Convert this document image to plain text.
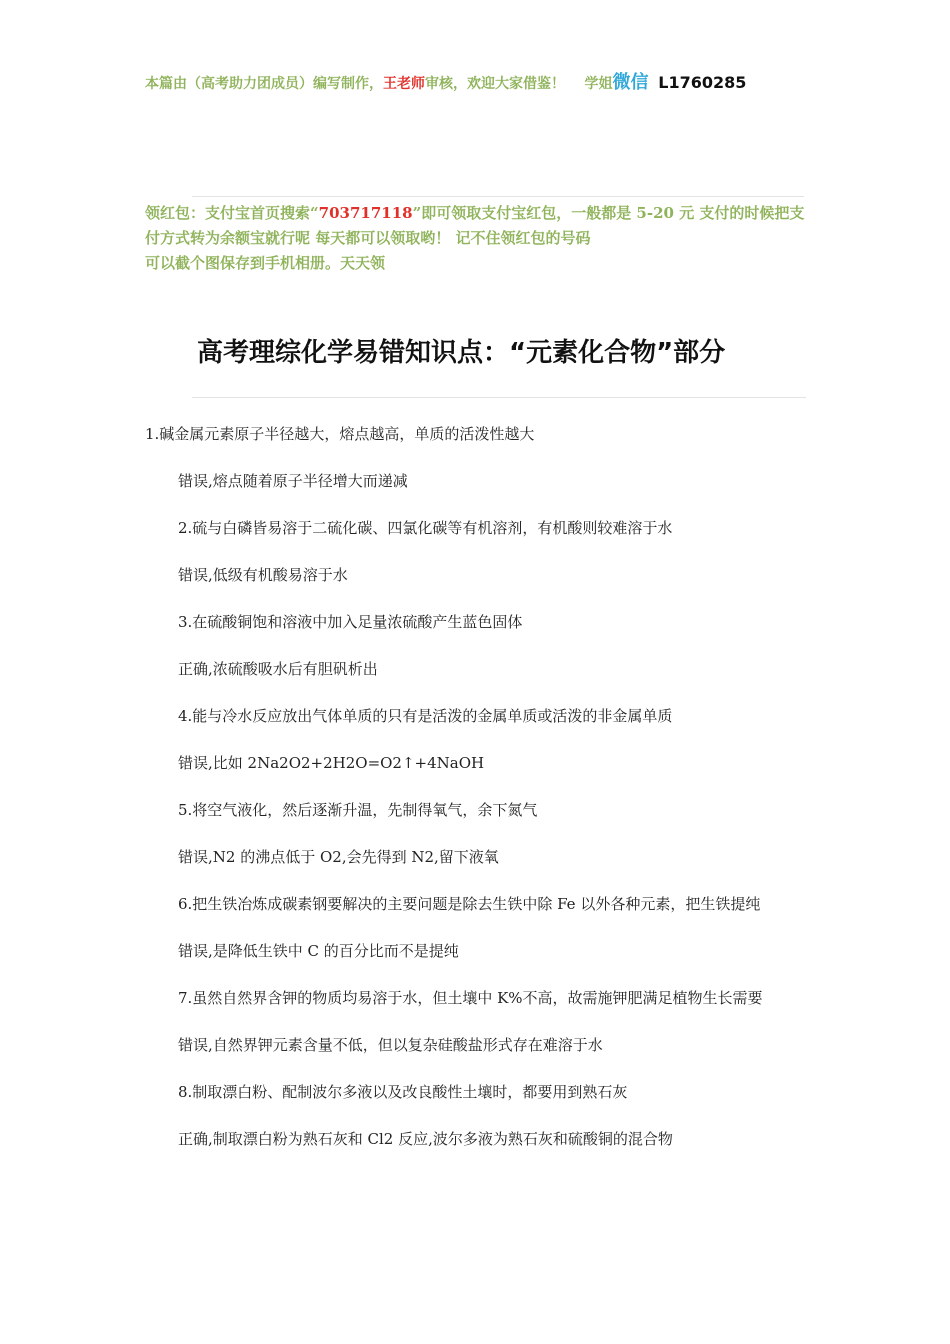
本篇由（高考助力团成员）编写制作，王老师审核，欢迎大家借鉴！ 学姐微信 L1760285
领红包：支付宝首页搜索“703717118”即可领取支付宝红包，一般都是 5-20 元 支付的时候把支付方式转为余额宝就行呢 每天都可以领取哟！ 记不住领红包的号码
可以截个图保存到手机相册。天天领
高考理综化学易错知识点：“元素化合物”部分

1.碱金属元素原子半径越大，熔点越高，单质的活泼性越大

错误,熔点随着原子半径增大而递减

2.硫与白磷皆易溶于二硫化碳、四氯化碳等有机溶剂，有机酸则较难溶于水

错误,低级有机酸易溶于水

3.在硫酸铜饱和溶液中加入足量浓硫酸产生蓝色固体

正确,浓硫酸吸水后有胆矾析出

4.能与冷水反应放出气体单质的只有是活泼的金属单质或活泼的非金属单质

错误,比如 2Na2O2+2H2O=O2↑+4NaOH

5.将空气液化，然后逐渐升温，先制得氧气，余下氮气

错误,N2 的沸点低于 O2,会先得到 N2,留下液氧

6.把生铁冶炼成碳素钢要解决的主要问题是除去生铁中除 Fe 以外各种元素，把生铁提纯

错误,是降低生铁中 C 的百分比而不是提纯

7.虽然自然界含钾的物质均易溶于水，但土壤中 K%不高，故需施钾肥满足植物生长需要

错误,自然界钾元素含量不低，但以复杂硅酸盐形式存在难溶于水

8.制取漂白粉、配制波尔多液以及改良酸性土壤时，都要用到熟石灰

正确,制取漂白粉为熟石灰和 Cl2 反应,波尔多液为熟石灰和硫酸铜的混合物
